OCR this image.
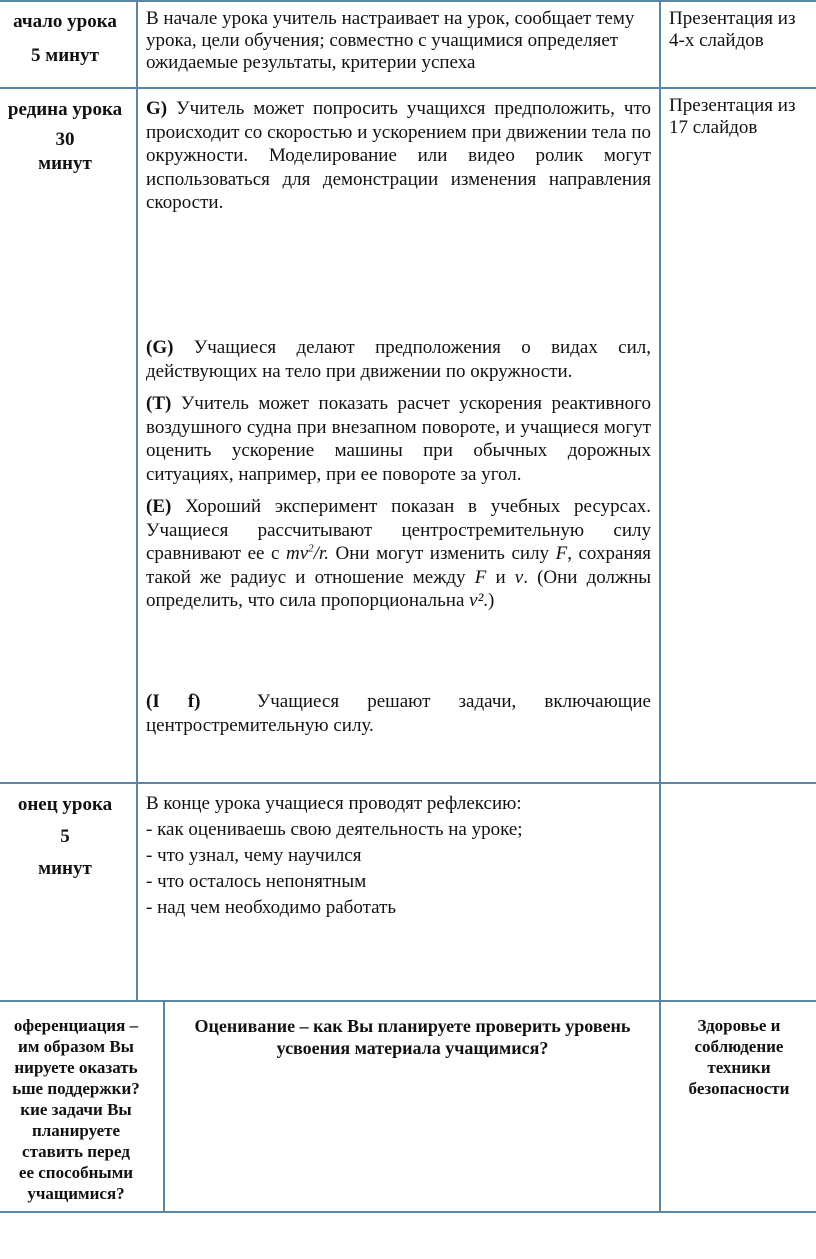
ачало урока
5 минут
В начале урока учитель настраивает на урок, сообщает тему урока, цели обучения; совместно с учащимися определяет ожидаемые результаты, критерии успеха
Презентация из 4-х слайдов
редина урока
30
минут
Презентация из 17 слайдов

G) Учитель может попросить учащихся предположить, что происходит со скоростью и ускорением при движении тела по окружности. Моделирование или видео ролик могут использоваться для демонстрации изменения направления скорости.

(G) Учащиеся делают предположения о видах сил, действующих на тело при движении по окружности.

(T) Учитель может показать расчет ускорения реактивного воздушного судна при внезапном повороте, и учащиеся могут оценить ускорение машины при обычных дорожных ситуациях, например, при ее повороте за угол.

(E) Хороший эксперимент показан в учебных ресурсах. Учащиеся рассчитывают центростремительную силу сравнивают ее с $mv^2/r$. Они могут изменить силу F, сохраняя такой же радиус и отношение между F и v. (Они должны определить, что сила пропорциональна v².)

(I f)	Учащиеся решают задачи, включающие центростремительную силу.

онец урока
5
минут
В конце урока учащиеся проводят рефлексию:
- как оцениваешь свою деятельность на уроке;
- что узнал, чему научился
- что осталось непонятным
- над чем необходимо работать
оференциация –
им образом Вы
нируете оказать
ьше поддержки?
кие задачи Вы
планируете
ставить перед
ее способными
учащимися?
Оценивание – как Вы планируете проверить уровень усвоения материала учащимися?
Здоровье и соблюдение техники безопасности
